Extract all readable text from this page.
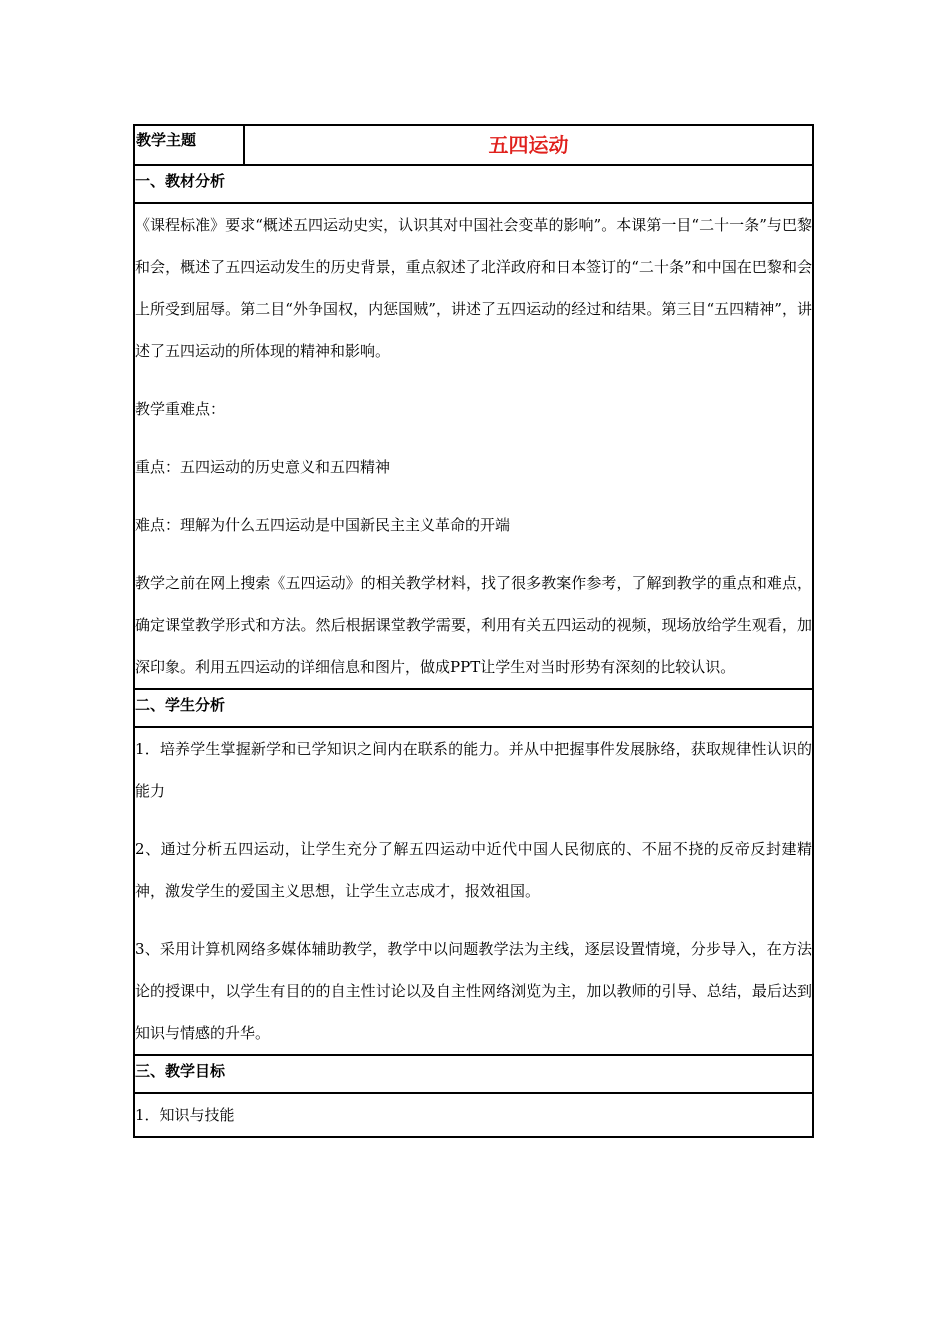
教学主题	五四运动

一、教材分析

《课程标准》要求“概述五四运动史实，认识其对中国社会变革的影响”。本课第一目“二十一条”与巴黎和会，概述了五四运动发生的历史背景，重点叙述了北洋政府和日本签订的“二十条”和中国在巴黎和会上所受到屈辱。第二目“外争国权，内惩国贼”，讲述了五四运动的经过和结果。第三目“五四精神”，讲述了五四运动的所体现的精神和影响。

教学重难点：

重点：五四运动的历史意义和五四精神

难点：理解为什么五四运动是中国新民主主义革命的开端

教学之前在网上搜索《五四运动》的相关教学材料，找了很多教案作参考，了解到教学的重点和难点，确定课堂教学形式和方法。然后根据课堂教学需要，利用有关五四运动的视频，现场放给学生观看，加深印象。利用五四运动的详细信息和图片，做成PPT让学生对当时形势有深刻的比较认识。

二、学生分析

1．培养学生掌握新学和已学知识之间内在联系的能力。并从中把握事件发展脉络，获取规律性认识的能力

2、通过分析五四运动，让学生充分了解五四运动中近代中国人民彻底的、不屈不挠的反帝反封建精神，激发学生的爱国主义思想，让学生立志成才，报效祖国。

3、采用计算机网络多媒体辅助教学，教学中以问题教学法为主线，逐层设置情境，分步导入，在方法论的授课中，以学生有目的的自主性讨论以及自主性网络浏览为主，加以教师的引导、总结，最后达到知识与情感的升华。

三、教学目标

1．知识与技能
